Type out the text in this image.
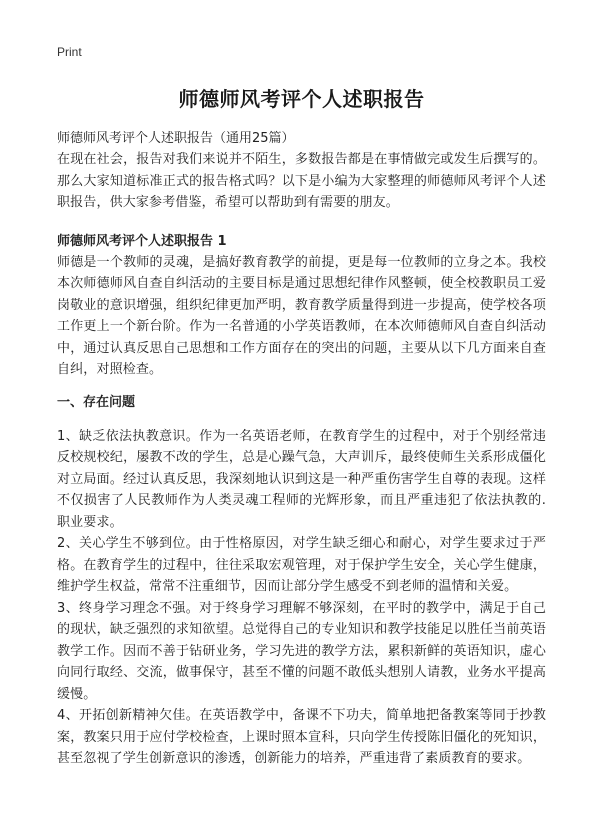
Print
师德师风考评个人述职报告
师德师风考评个人述职报告（通用25篇）

在现在社会，报告对我们来说并不陌生，多数报告都是在事情做完或发生后撰写的。那么大家知道标准正式的报告格式吗？以下是小编为大家整理的师德师风考评个人述职报告，供大家参考借鉴，希望可以帮助到有需要的朋友。

师德师风考评个人述职报告 1

师德是一个教师的灵魂，是搞好教育教学的前提，更是每一位教师的立身之本。我校本次师德师风自查自纠活动的主要目标是通过思想纪律作风整顿，使全校教职员工爱岗敬业的意识增强，组织纪律更加严明，教育教学质量得到进一步提高，使学校各项工作更上一个新台阶。作为一名普通的小学英语教师，在本次师德师风自查自纠活动中，通过认真反思自己思想和工作方面存在的突出的问题，主要从以下几方面来自查自纠，对照检查。

一、存在问题

1、缺乏依法执教意识。作为一名英语老师，在教育学生的过程中，对于个别经常违反校规校纪，屡教不改的学生，总是心躁气急，大声训斥，最终使师生关系形成僵化对立局面。经过认真反思，我深刻地认识到这是一种严重伤害学生自尊的表现。这样不仅损害了人民教师作为人类灵魂工程师的光辉形象，而且严重违犯了依法执教的.职业要求。

2、关心学生不够到位。由于性格原因，对学生缺乏细心和耐心，对学生要求过于严格。在教育学生的过程中，往往采取宏观管理，对于保护学生安全，关心学生健康，维护学生权益，常常不注重细节，因而让部分学生感受不到老师的温情和关爱。

3、终身学习理念不强。对于终身学习理解不够深刻，在平时的教学中，满足于自己的现状，缺乏强烈的求知欲望。总觉得自己的专业知识和教学技能足以胜任当前英语教学工作。因而不善于钻研业务，学习先进的教学方法，累积新鲜的英语知识，虚心向同行取经、交流，做事保守，甚至不懂的问题不敢低头想别人请教，业务水平提高缓慢。

4、开拓创新精神欠佳。在英语教学中，备课不下功夫，简单地把备教案等同于抄教案，教案只用于应付学校检查，上课时照本宣科，只向学生传授陈旧僵化的死知识，甚至忽视了学生创新意识的渗透，创新能力的培养，严重违背了素质教育的要求。
